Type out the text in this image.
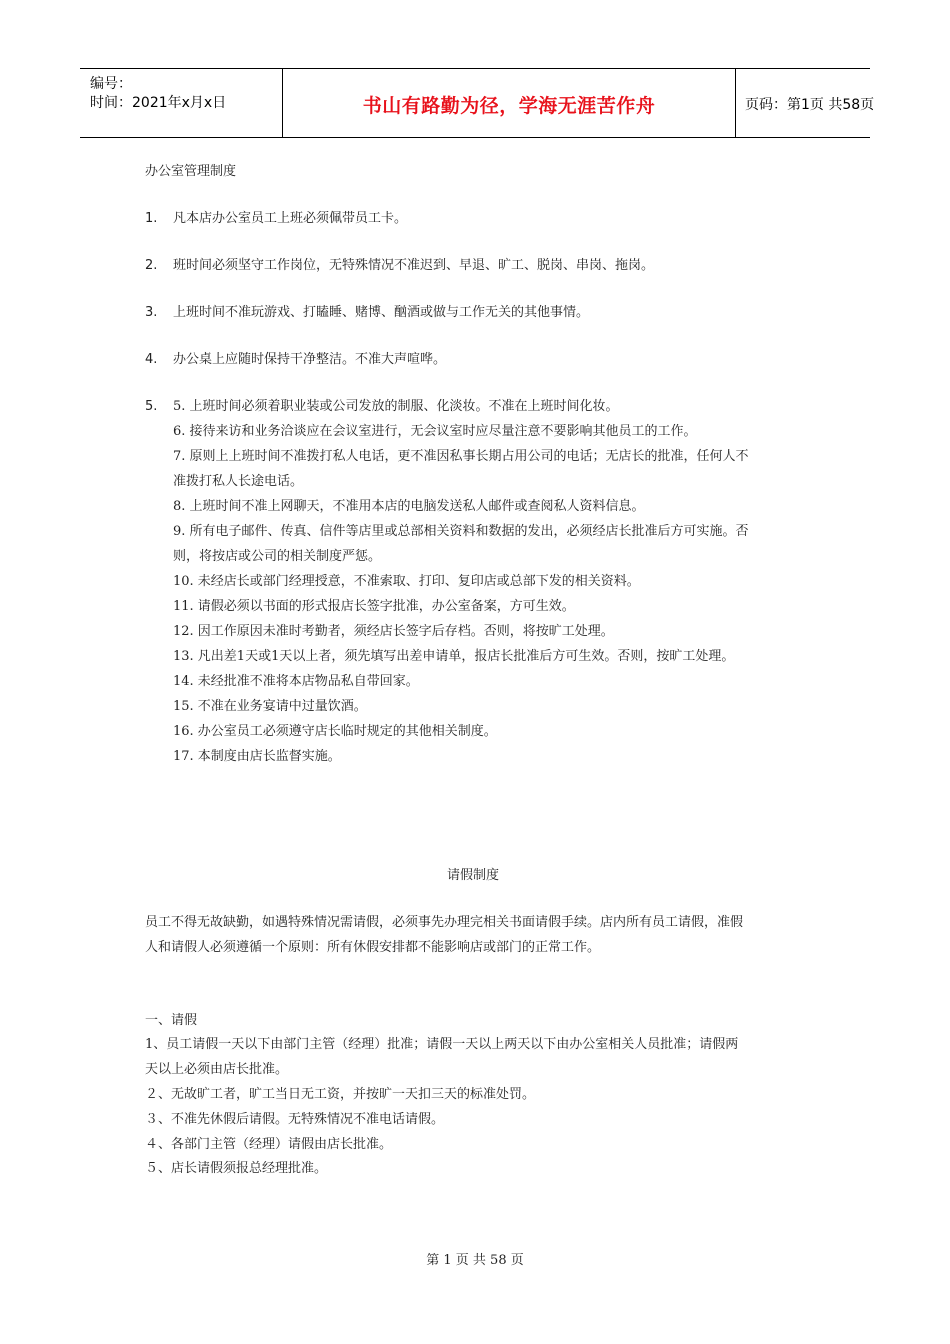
编号：
时间：2021年x月x日	书山有路勤为径，学海无涯苦作舟	页码：第1页 共58页
办公室管理制度
1. 凡本店办公室员工上班必须佩带员工卡。
2. 班时间必须坚守工作岗位，无特殊情况不准迟到、早退、旷工、脱岗、串岗、拖岗。
3. 上班时间不准玩游戏、打瞌睡、赌博、酗酒或做与工作无关的其他事情。
4. 办公桌上应随时保持干净整洁。不准大声喧哗。
5. 5. 上班时间必须着职业装或公司发放的制服、化淡妆。不准在上班时间化妆。
6. 接待来访和业务洽谈应在会议室进行，无会议室时应尽量注意不要影响其他员工的工作。
7. 原则上上班时间不准拨打私人电话，更不准因私事长期占用公司的电话；无店长的批准，任何人不
准拨打私人长途电话。
8. 上班时间不准上网聊天，不准用本店的电脑发送私人邮件或查阅私人资料信息。
9. 所有电子邮件、传真、信件等店里或总部相关资料和数据的发出，必须经店长批准后方可实施。否
则，将按店或公司的相关制度严惩。
10. 未经店长或部门经理授意，不准索取、打印、复印店或总部下发的相关资料。
11. 请假必须以书面的形式报店长签字批准，办公室备案，方可生效。
12. 因工作原因未准时考勤者，须经店长签字后存档。否则，将按旷工处理。
13. 凡出差1天或1天以上者，须先填写出差申请单，报店长批准后方可生效。否则，按旷工处理。
14. 未经批准不准将本店物品私自带回家。
15. 不准在业务宴请中过量饮酒。
16. 办公室员工必须遵守店长临时规定的其他相关制度。
17. 本制度由店长监督实施。
请假制度
员工不得无故缺勤，如遇特殊情况需请假，必须事先办理完相关书面请假手续。店内所有员工请假，准假
人和请假人必须遵循一个原则：所有休假安排都不能影响店或部门的正常工作。
一、请假
1、员工请假一天以下由部门主管（经理）批准；请假一天以上两天以下由办公室相关人员批准；请假两
天以上必须由店长批准。
２、无故旷工者，旷工当日无工资，并按旷一天扣三天的标准处罚。
３、不准先休假后请假。无特殊情况不准电话请假。
４、各部门主管（经理）请假由店长批准。
５、店长请假须报总经理批准。
第 1 页 共 58 页
